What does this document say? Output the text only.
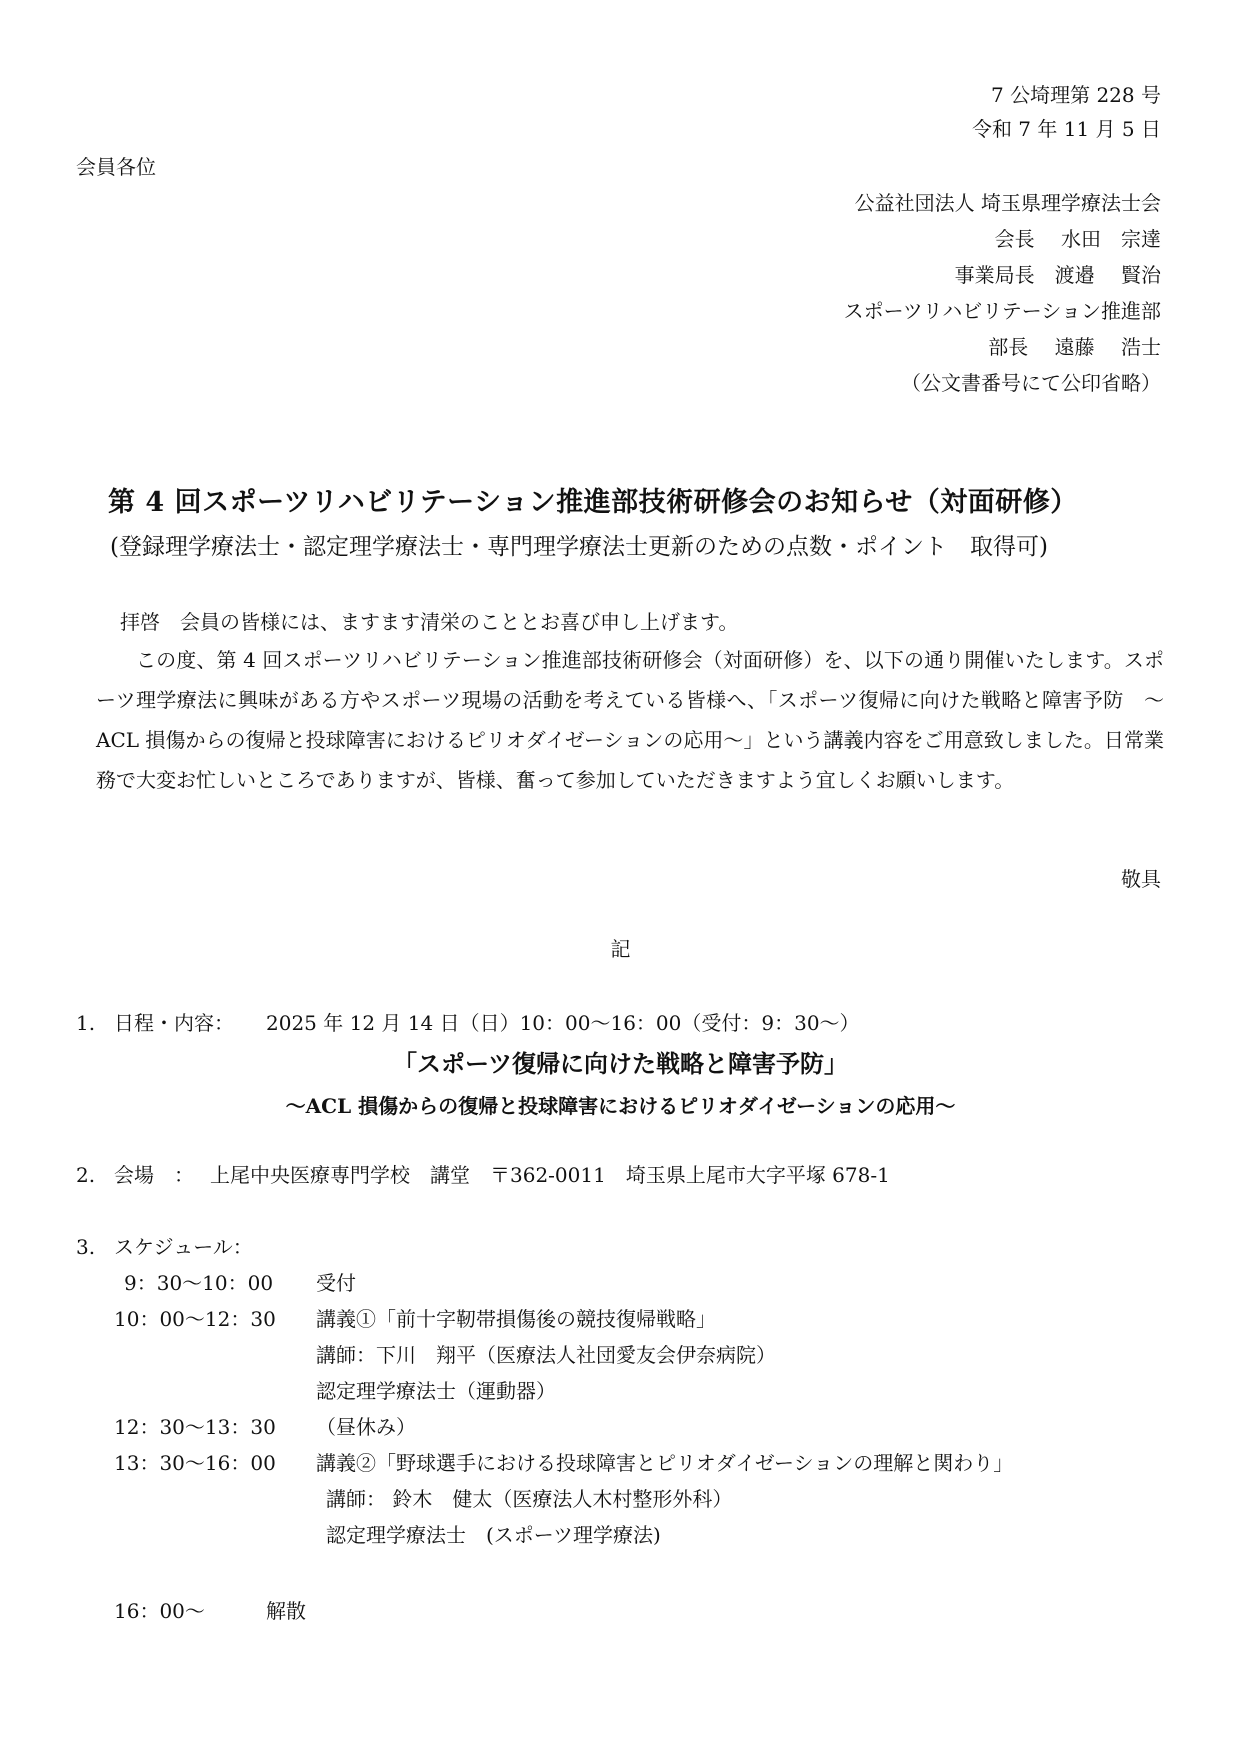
7 公埼理第 228 号
令和 7 年 11 月 5 日
会員各位
公益社団法人 埼玉県理学療法士会
会長　 水田　宗達
事業局長　渡邉　 賢治
スポーツリハビリテーション推進部
部長　 遠藤　 浩士
（公文書番号にて公印省略）
第 4 回スポーツリハビリテーション推進部技術研修会のお知らせ（対面研修）
(登録理学療法士・認定理学療法士・専門理学療法士更新のための点数・ポイント　取得可)
拝啓　会員の皆様には、ますます清栄のこととお喜び申し上げます。
この度、第 4 回スポーツリハビリテーション推進部技術研修会（対面研修）を、以下の通り開催いたします。スポーツ理学療法に興味がある方やスポーツ現場の活動を考えている皆様へ、「スポーツ復帰に向けた戦略と障害予防　～ACL 損傷からの復帰と投球障害におけるピリオダイゼーションの応用～」という講義内容をご用意致しました。日常業務で大変お忙しいところでありますが、皆様、奮って参加していただきますよう宜しくお願いします。
敬具
記
1. 日程・内容： 2025 年 12 月 14 日（日）10：00～16：00（受付：9：30～）
「スポーツ復帰に向けた戦略と障害予防」
～ACL 損傷からの復帰と投球障害におけるピリオダイゼーションの応用～
2. 会場　： 上尾中央医療専門学校　講堂　〒362-0011　埼玉県上尾市大字平塚 678-1
3. スケジュール：
9：30～10：00 受付
10：00～12：30 講義①「前十字靭帯損傷後の競技復帰戦略」
講師：下川　翔平（医療法人社団愛友会伊奈病院）
認定理学療法士（運動器）
12：30～13：30 （昼休み）
13：30～16：00 講義②「野球選手における投球障害とピリオダイゼーションの理解と関わり」
講師： 鈴木　健太（医療法人木村整形外科）
認定理学療法士　(スポーツ理学療法)
16：00～	解散
